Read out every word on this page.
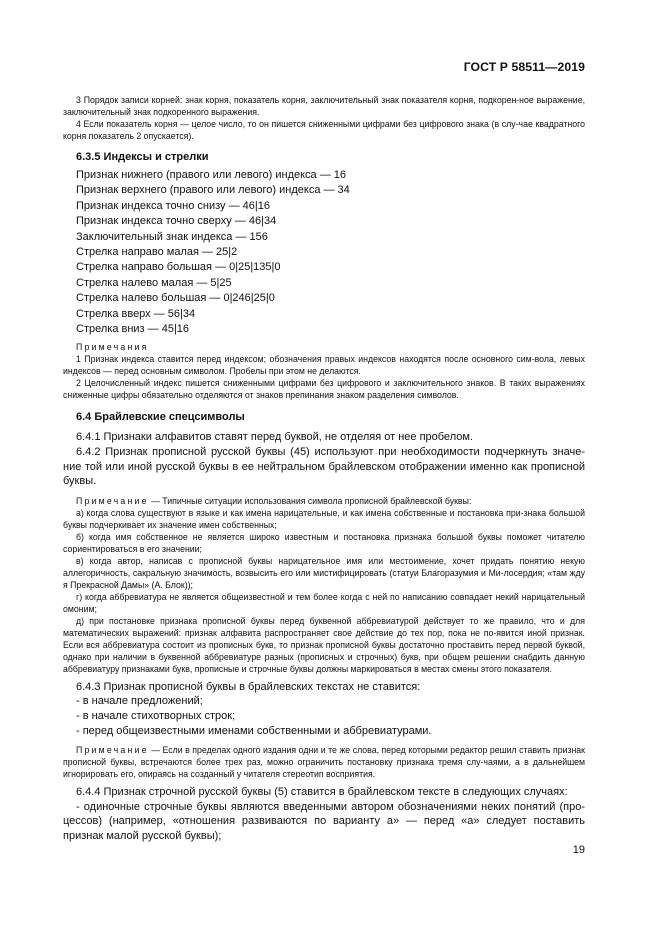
ГОСТ Р 58511—2019

3 Порядок записи корней: знак корня, показатель корня, заключительный знак показателя корня, подкорен-ное выражение, заключительный знак подкоренного выражения.

4 Если показатель корня — целое число, то он пишется сниженными цифрами без цифрового знака (в слу-чае квадратного корня показатель 2 опускается).

6.3.5 Индексы и стрелки
Признак нижнего (правого или левого) индекса — 16
Признак верхнего (правого или левого) индекса — 34
Признак индекса точно снизу — 46|16
Признак индекса точно сверху — 46|34
Заключительный знак индекса — 156
Стрелка направо малая — 25|2
Стрелка направо большая — 0|25|135|0
Стрелка налево малая — 5|25
Стрелка налево большая — 0|246|25|0
Стрелка вверх — 56|34
Стрелка вниз — 45|16

Примечания

1 Признак индекса ставится перед индексом; обозначения правых индексов находятся после основного сим-вола, левых индексов — перед основным символом. Пробелы при этом не делаются.

2 Целочисленный индекс пишется сниженными цифрами без цифрового и заключительного знаков. В таких выражениях сниженные цифры обязательно отделяются от знаков препинания знаком разделения символов.

6.4 Брайлевские спецсимволы

6.4.1 Признаки алфавитов ставят перед буквой, не отделяя от нее пробелом.

6.4.2 Признак прописной русской буквы (45) используют при необходимости подчеркнуть значе-ние той или иной русской буквы в ее нейтральном брайлевском отображении именно как прописной буквы.

Примечание — Типичные ситуации использования символа прописной брайлевской буквы:

а) когда слова существуют в языке и как имена нарицательные, и как имена собственные и постановка при-знака большой буквы подчеркивает их значение имен собственных;

б) когда имя собственное не является широко известным и постановка признака большой буквы поможет читателю сориентироваться в его значении;

в) когда автор, написав с прописной буквы нарицательное имя или местоимение, хочет придать понятию некую аллегоричность, сакральную значимость, возвысить его или мистифицировать (статуи Благоразумия и Ми-лосердия; «там жду я Прекрасной Дамы» (А. Блок));

г) когда аббревиатура не является общеизвестной и тем более когда с ней по написанию совпадает некий нарицательный омоним;

д) при постановке признака прописной буквы перед буквенной аббревиатурой действует то же правило, что и для математических выражений: признак алфавита распространяет свое действие до тех пор, пока не по-явится иной признак. Если вся аббревиатура состоит из прописных букв, то признак прописной буквы достаточно проставить перед первой буквой, однако при наличии в буквенной аббревиатуре разных (прописных и строчных) букв, при общем решении снабдить данную аббревиатуру признаками букв, прописные и строчные буквы должны маркироваться в местах смены этого показателя.

6.4.3 Признак прописной буквы в брайлевских текстах не ставится:

- в начале предложений;

- в начале стихотворных строк;

- перед общеизвестными именами собственными и аббревиатурами.

Примечание — Если в пределах одного издания одни и те же слова, перед которыми редактор решил ставить признак прописной буквы, встречаются более трех раз, можно ограничить постановку признака тремя слу-чаями, а в дальнейшем игнорировать его, опираясь на созданный у читателя стереотип восприятия.

6.4.4 Признак строчной русской буквы (5) ставится в брайлевском тексте в следующих случаях:

- одиночные строчные буквы являются введенными автором обозначениями неких понятий (про-цессов) (например, «отношения развиваются по варианту а» — перед «а» следует поставить признак малой русской буквы);

19
